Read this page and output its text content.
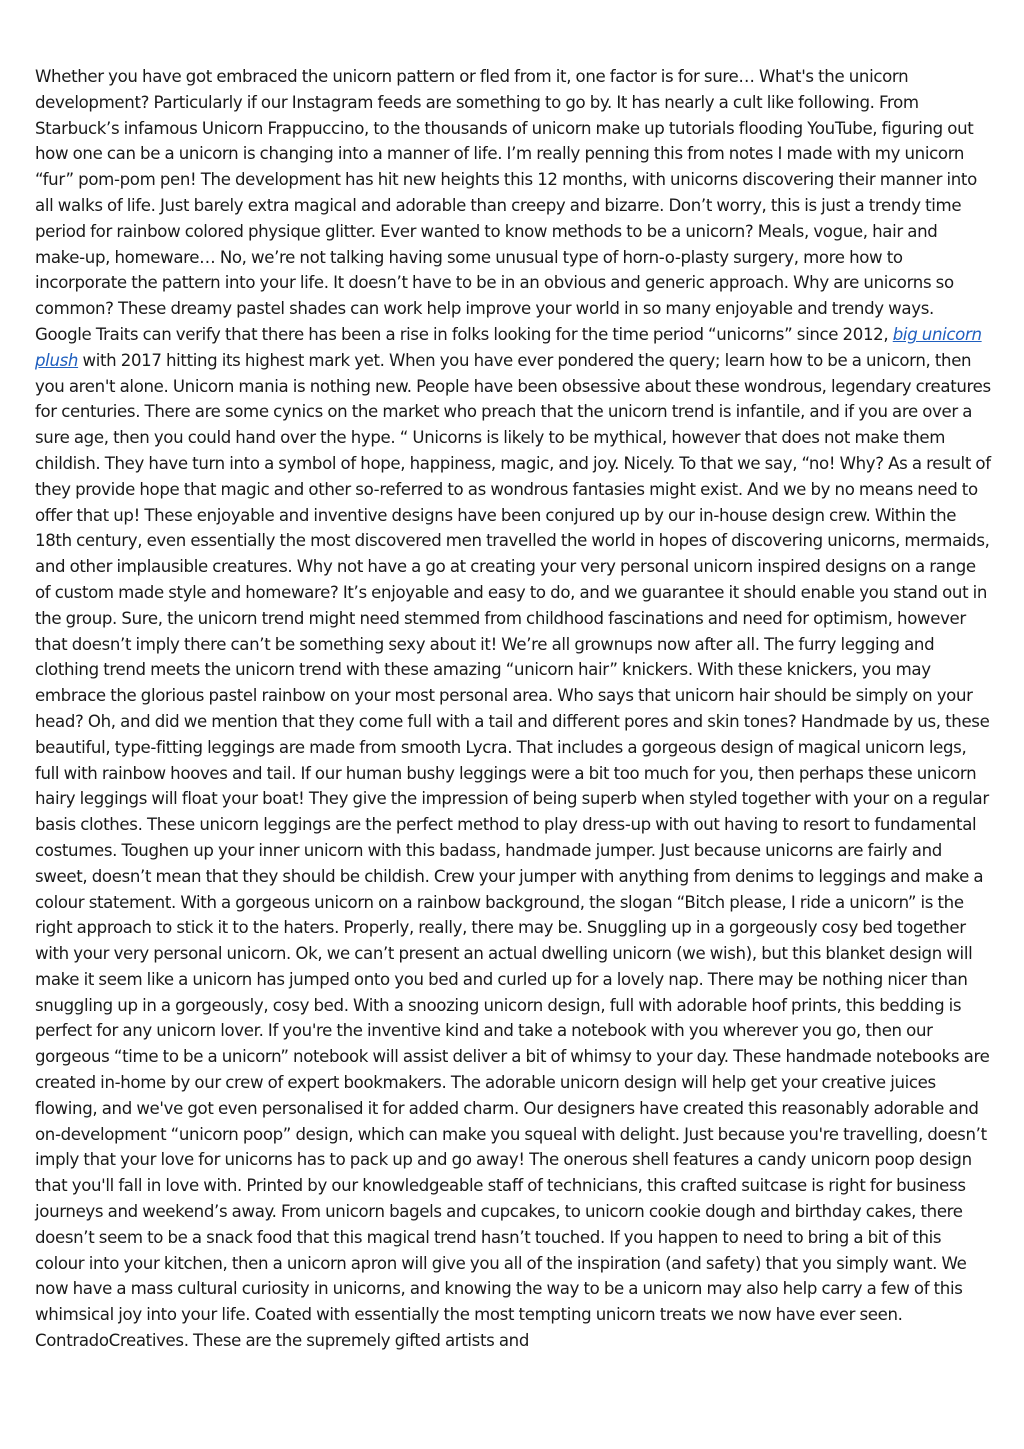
Whether you have got embraced the unicorn pattern or fled from it, one factor is for sure… What's the unicorn development? Particularly if our Instagram feeds are something to go by. It has nearly a cult like following. From Starbuck’s infamous Unicorn Frappuccino, to the thousands of unicorn make up tutorials flooding YouTube, figuring out how one can be a unicorn is changing into a manner of life. I’m really penning this from notes I made with my unicorn “fur” pom-pom pen! The development has hit new heights this 12 months, with unicorns discovering their manner into all walks of life. Just barely extra magical and adorable than creepy and bizarre. Don’t worry, this is just a trendy time period for rainbow colored physique glitter. Ever wanted to know methods to be a unicorn? Meals, vogue, hair and make-up, homeware… No, we’re not talking having some unusual type of horn-o-plasty surgery, more how to incorporate the pattern into your life. It doesn’t have to be in an obvious and generic approach. Why are unicorns so common? These dreamy pastel shades can work help improve your world in so many enjoyable and trendy ways. Google Traits can verify that there has been a rise in folks looking for the time period “unicorns” since 2012, big unicorn plush with 2017 hitting its highest mark yet. When you have ever pondered the query; learn how to be a unicorn, then you aren't alone. Unicorn mania is nothing new. People have been obsessive about these wondrous, legendary creatures for centuries. There are some cynics on the market who preach that the unicorn trend is infantile, and if you are over a sure age, then you could hand over the hype. “ Unicorns is likely to be mythical, however that does not make them childish. They have turn into a symbol of hope, happiness, magic, and joy. Nicely. To that we say, “no! Why? As a result of they provide hope that magic and other so-referred to as wondrous fantasies might exist. And we by no means need to offer that up! These enjoyable and inventive designs have been conjured up by our in-house design crew. Within the 18th century, even essentially the most discovered men travelled the world in hopes of discovering unicorns, mermaids, and other implausible creatures. Why not have a go at creating your very personal unicorn inspired designs on a range of custom made style and homeware? It’s enjoyable and easy to do, and we guarantee it should enable you stand out in the group. Sure, the unicorn trend might need stemmed from childhood fascinations and need for optimism, however that doesn’t imply there can’t be something sexy about it! We’re all grownups now after all. The furry legging and clothing trend meets the unicorn trend with these amazing “unicorn hair” knickers. With these knickers, you may embrace the glorious pastel rainbow on your most personal area. Who says that unicorn hair should be simply on your head? Oh, and did we mention that they come full with a tail and different pores and skin tones? Handmade by us, these beautiful, type-fitting leggings are made from smooth Lycra. That includes a gorgeous design of magical unicorn legs, full with rainbow hooves and tail. If our human bushy leggings were a bit too much for you, then perhaps these unicorn hairy leggings will float your boat! They give the impression of being superb when styled together with your on a regular basis clothes. These unicorn leggings are the perfect method to play dress-up with out having to resort to fundamental costumes. Toughen up your inner unicorn with this badass, handmade jumper. Just because unicorns are fairly and sweet, doesn’t mean that they should be childish. Crew your jumper with anything from denims to leggings and make a colour statement. With a gorgeous unicorn on a rainbow background, the slogan “Bitch please, I ride a unicorn” is the right approach to stick it to the haters. Properly, really, there may be. Snuggling up in a gorgeously cosy bed together with your very personal unicorn. Ok, we can’t present an actual dwelling unicorn (we wish), but this blanket design will make it seem like a unicorn has jumped onto you bed and curled up for a lovely nap. There may be nothing nicer than snuggling up in a gorgeously, cosy bed. With a snoozing unicorn design, full with adorable hoof prints, this bedding is perfect for any unicorn lover. If you're the inventive kind and take a notebook with you wherever you go, then our gorgeous “time to be a unicorn” notebook will assist deliver a bit of whimsy to your day. These handmade notebooks are created in-home by our crew of expert bookmakers. The adorable unicorn design will help get your creative juices flowing, and we've got even personalised it for added charm. Our designers have created this reasonably adorable and on-development “unicorn poop” design, which can make you squeal with delight. Just because you're travelling, doesn’t imply that your love for unicorns has to pack up and go away! The onerous shell features a candy unicorn poop design that you'll fall in love with. Printed by our knowledgeable staff of technicians, this crafted suitcase is right for business journeys and weekend’s away. From unicorn bagels and cupcakes, to unicorn cookie dough and birthday cakes, there doesn’t seem to be a snack food that this magical trend hasn’t touched. If you happen to need to bring a bit of this colour into your kitchen, then a unicorn apron will give you all of the inspiration (and safety) that you simply want. We now have a mass cultural curiosity in unicorns, and knowing the way to be a unicorn may also help carry a few of this whimsical joy into your life. Coated with essentially the most tempting unicorn treats we now have ever seen. ContradoCreatives. These are the supremely gifted artists and
